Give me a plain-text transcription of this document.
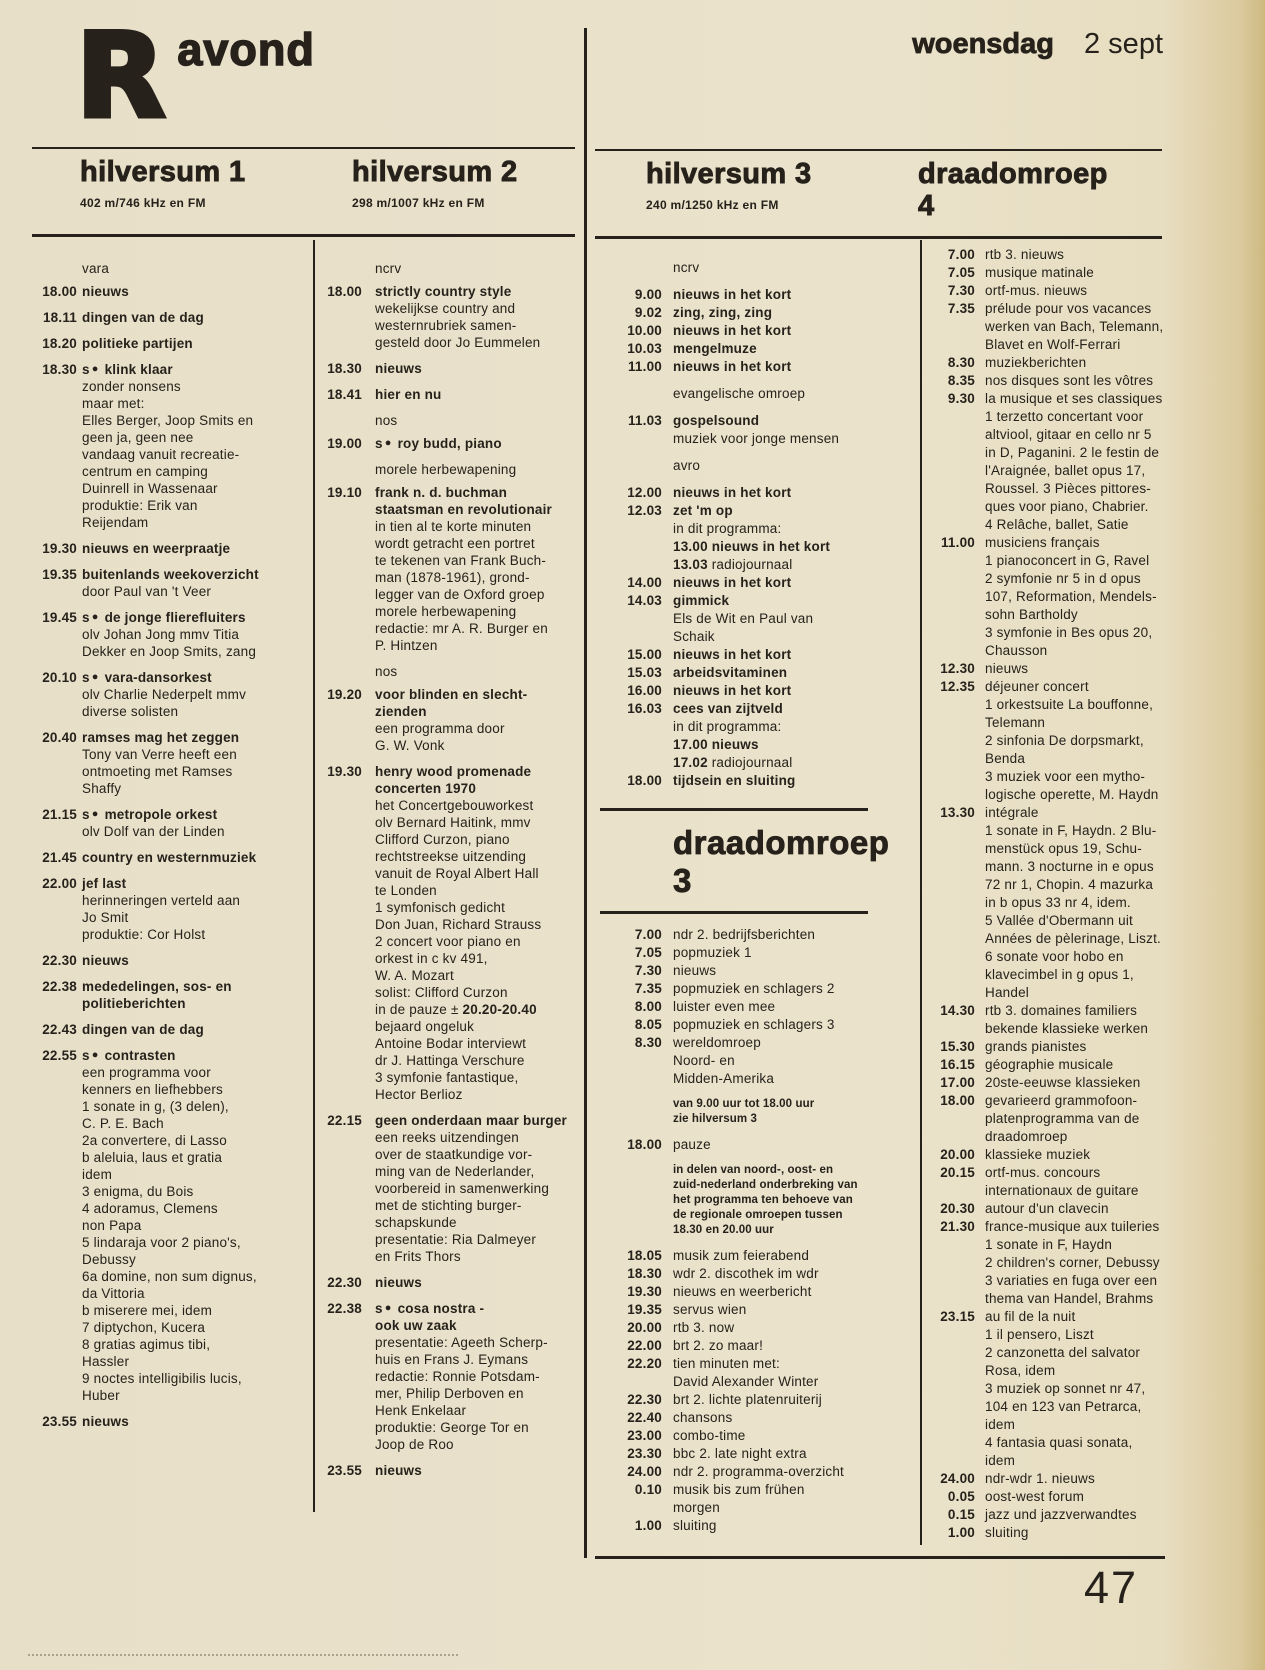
R avond	woensdag 2 sept
hilversum 1
402 m/746 kHz en FM
hilversum 2
298 m/1007 kHz en FM
hilversum 3
240 m/1250 kHz en FM
draadomroep
4
vara
18.00 nieuws
18.11 dingen van de dag
18.20 politieke partijen
18.30 s ● klink klaar
zonder nonsens
maar met:
Elles Berger, Joop Smits en
geen ja, geen nee
vandaag vanuit recreatie-
centrum en camping
Duinrell in Wassenaar
produktie: Erik van
Reijendam
19.30 nieuws en weerpraatje
19.35 buitenlands weekoverzicht
door Paul van 't Veer
19.45 s ● de jonge flierefluiters
olv Johan Jong mmv Titia
Dekker en Joop Smits, zang
20.10 s ● vara-dansorkest
olv Charlie Nederpelt mmv
diverse solisten
20.40 ramses mag het zeggen
Tony van Verre heeft een
ontmoeting met Ramses
Shaffy
21.15 s ● metropole orkest
olv Dolf van der Linden
21.45 country en westernmuziek
22.00 jef last
herinneringen verteld aan
Jo Smit
produktie: Cor Holst
22.30 nieuws
22.38 mededelingen, sos- en
politieberichten
22.43 dingen van de dag
22.55 s ● contrasten
een programma voor
kenners en liefhebbers
1 sonate in g, (3 delen),
C. P. E. Bach
2a convertere, di Lasso
b aleluia, laus et gratia
idem
3 enigma, du Bois
4 adoramus, Clemens
non Papa
5 lindaraja voor 2 piano's,
Debussy
6a domine, non sum dignus,
da Vittoria
b miserere mei, idem
7 diptychon, Kucera
8 gratias agimus tibi,
Hassler
9 noctes intelligibilis lucis,
Huber
23.55 nieuws
ncrv
18.00 strictly country style
wekelijkse country and
westernrubriek samen-
gesteld door Jo Eummelen
18.30 nieuws
18.41 hier en nu
nos
19.00 s ● roy budd, piano
morele herbewapening
19.10 frank n. d. buchman
staatsman en revolutionair
in tien al te korte minuten
wordt getracht een portret
te tekenen van Frank Buch-
man (1878-1961), grond-
legger van de Oxford groep
morele herbewapening
redactie: mr A. R. Burger en
P. Hintzen
nos
19.20 voor blinden en slecht-
zienden
een programma door
G. W. Vonk
19.30 henry wood promenade
concerten 1970
het Concertgebouworkest
olv Bernard Haitink, mmv
Clifford Curzon, piano
rechtstreekse uitzending
vanuit de Royal Albert Hall
te Londen
1 symfonisch gedicht
Don Juan, Richard Strauss
2 concert voor piano en
orkest in c kv 491,
W. A. Mozart
solist: Clifford Curzon
in de pauze ± 20.20-20.40
bejaard ongeluk
Antoine Bodar interviewt
dr J. Hattinga Verschure
3 symfonie fantastique,
Hector Berlioz
22.15 geen onderdaan maar burger
een reeks uitzendingen
over de staatkundige vor-
ming van de Nederlander,
voorbereid in samenwerking
met de stichting burger-
schapskunde
presentatie: Ria Dalmeyer
en Frits Thors
22.30 nieuws
22.38 s ● cosa nostra -
ook uw zaak
presentatie: Ageeth Scherp-
huis en Frans J. Eymans
redactie: Ronnie Potsdam-
mer, Philip Derboven en
Henk Enkelaar
produktie: George Tor en
Joop de Roo
23.55 nieuws
ncrv
9.00 nieuws in het kort
9.02 zing, zing, zing
10.00 nieuws in het kort
10.03 mengelmuze
11.00 nieuws in het kort
evangelische omroep
11.03 gospelsound
muziek voor jonge mensen
avro
12.00 nieuws in het kort
12.03 zet 'm op
in dit programma:
13.00 nieuws in het kort
13.03 radiojournaal
14.00 nieuws in het kort
14.03 gimmick
Els de Wit en Paul van
Schaik
15.00 nieuws in het kort
15.03 arbeidsvitaminen
16.00 nieuws in het kort
16.03 cees van zijtveld
in dit programma:
17.00 nieuws
17.02 radiojournaal
18.00 tijdsein en sluiting
draadomroep
3
7.00 ndr 2. bedrijfsberichten
7.05 popmuziek 1
7.30 nieuws
7.35 popmuziek en schlagers 2
8.00 luister even mee
8.05 popmuziek en schlagers 3
8.30 wereldomroep
Noord- en
Midden-Amerika
van 9.00 uur tot 18.00 uur
zie hilversum 3
18.00 pauze
in delen van noord-, oost- en
zuid-nederland onderbreking van
het programma ten behoeve van
de regionale omroepen tussen
18.30 en 20.00 uur
18.05 musik zum feierabend
18.30 wdr 2. discothek im wdr
19.30 nieuws en weerbericht
19.35 servus wien
20.00 rtb 3. now
22.00 brt 2. zo maar!
22.20 tien minuten met:
David Alexander Winter
22.30 brt 2. lichte platenruiterij
22.40 chansons
23.00 combo-time
23.30 bbc 2. late night extra
24.00 ndr 2. programma-overzicht
0.10 musik bis zum frühen
morgen
1.00 sluiting
7.00 rtb 3. nieuws
7.05 musique matinale
7.30 ortf-mus. nieuws
7.35 prélude pour vos vacances
werken van Bach, Telemann,
Blavet en Wolf-Ferrari
8.30 muziekberichten
8.35 nos disques sont les vôtres
9.30 la musique et ses classiques
1 terzetto concertant voor
altviool, gitaar en cello nr 5
in D, Paganini. 2 le festin de
l'Araignée, ballet opus 17,
Roussel. 3 Pièces pittores-
ques voor piano, Chabrier.
4 Relâche, ballet, Satie
11.00 musiciens français
1 pianoconcert in G, Ravel
2 symfonie nr 5 in d opus
107, Reformation, Mendels-
sohn Bartholdy
3 symfonie in Bes opus 20,
Chausson
12.30 nieuws
12.35 déjeuner concert
1 orkestsuite La bouffonne,
Telemann
2 sinfonia De dorpsmarkt,
Benda
3 muziek voor een mytho-
logische operette, M. Haydn
13.30 intégrale
1 sonate in F, Haydn. 2 Blu-
menstück opus 19, Schu-
mann. 3 nocturne in e opus
72 nr 1, Chopin. 4 mazurka
in b opus 33 nr 4, idem.
5 Vallée d'Obermann uit
Années de pèlerinage, Liszt.
6 sonate voor hobo en
klavecimbel in g opus 1,
Handel
14.30 rtb 3. domaines familiers
bekende klassieke werken
15.30 grands pianistes
16.15 géographie musicale
17.00 20ste-eeuwse klassieken
18.00 gevarieerd grammofoon-
platenprogramma van de
draadomroep
20.00 klassieke muziek
20.15 ortf-mus. concours
internationaux de guitare
20.30 autour d'un clavecin
21.30 france-musique aux tuileries
1 sonate in F, Haydn
2 children's corner, Debussy
3 variaties en fuga over een
thema van Handel, Brahms
23.15 au fil de la nuit
1 il pensero, Liszt
2 canzonetta del salvator
Rosa, idem
3 muziek op sonnet nr 47,
104 en 123 van Petrarca,
idem
4 fantasia quasi sonata,
idem
24.00 ndr-wdr 1. nieuws
0.05 oost-west forum
0.15 jazz und jazzverwandtes
1.00 sluiting
47
